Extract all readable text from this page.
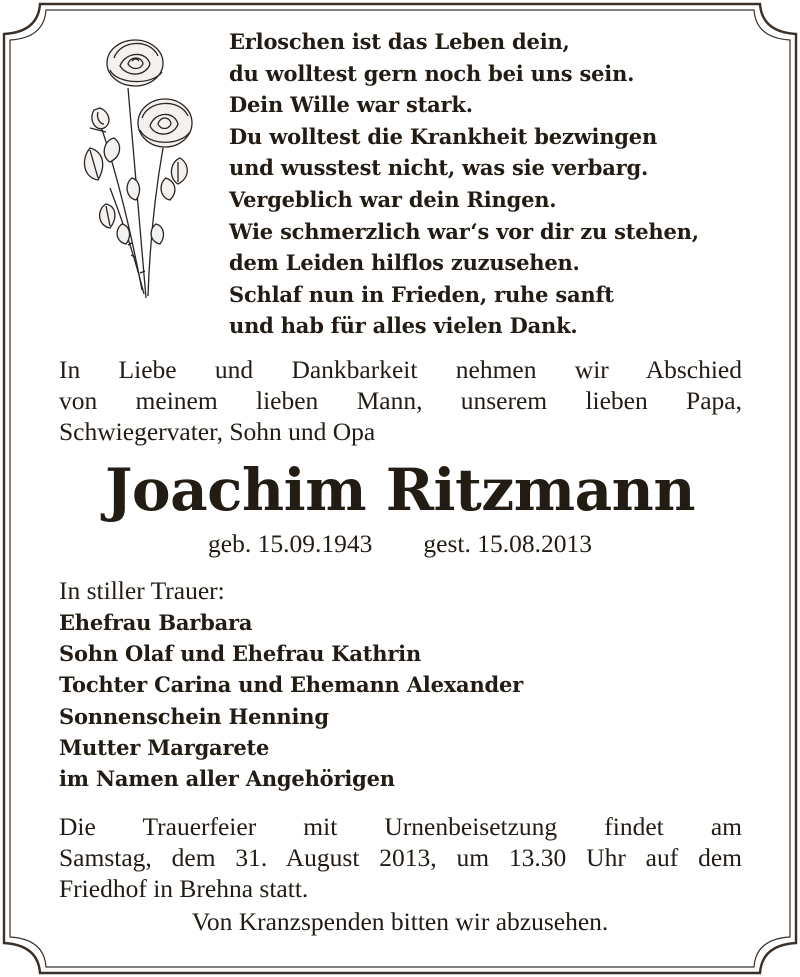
Erloschen ist das Leben dein,
du wolltest gern noch bei uns sein.
Dein Wille war stark.
Du wolltest die Krankheit bezwingen
und wusstest nicht, was sie verbarg.
Vergeblich war dein Ringen.
Wie schmerzlich war‘s vor dir zu stehen,
dem Leiden hilflos zuzusehen.
Schlaf nun in Frieden, ruhe sanft
und hab für alles vielen Dank.
In Liebe und Dankbarkeit nehmen wir Abschied
von meinem lieben Mann, unserem lieben Papa,
Schwiegervater, Sohn und Opa
Joachim Ritzmann
geb. 15.09.1943 gest. 15.08.2013
In stiller Trauer:
Ehefrau Barbara
Sohn Olaf und Ehefrau Kathrin
Tochter Carina und Ehemann Alexander
Sonnenschein Henning
Mutter Margarete
im Namen aller Angehörigen
Die Trauerfeier mit Urnenbeisetzung findet am
Samstag, dem 31. August 2013, um 13.30 Uhr auf dem
Friedhof in Brehna statt.
Von Kranzspenden bitten wir abzusehen.
